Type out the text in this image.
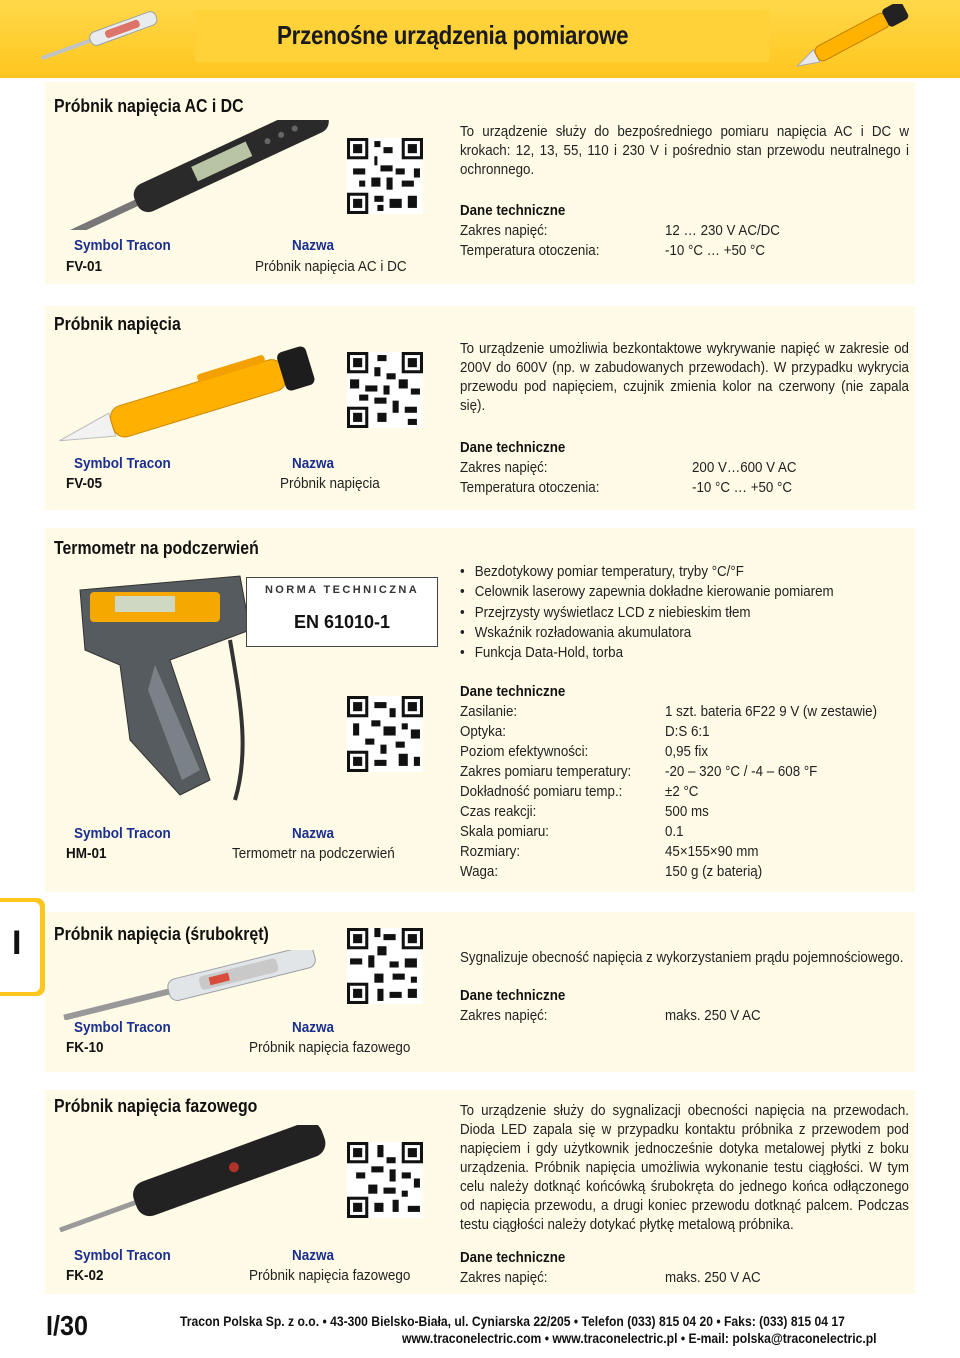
Przenośne urządzenia pomiarowe
Próbnik napięcia AC i DC
To urządzenie służy do bezpośredniego pomiaru napięcia AC i DC w krokach: 12, 13, 55, 110 i 230 V i pośrednio stan przewodu neutralnego i ochronnego.
Dane techniczne
Zakres napięć:	12 … 230 V AC/DC
Temperatura otoczenia:	-10 °C … +50 °C
Symbol Tracon	Nazwa
FV-01	Próbnik napięcia AC i DC
Próbnik napięcia
To urządzenie umożliwia bezkontaktowe wykrywanie napięć w zakresie od 200V do 600V (np. w zabudowanych przewodach). W przypadku wykrycia przewodu pod napięciem, czujnik zmienia kolor na czerwony (nie zapala się).
Dane techniczne
Zakres napięć:	200 V…600 V AC
Temperatura otoczenia:	-10 °C … +50 °C
Symbol Tracon	Nazwa
FV-05	Próbnik napięcia
Termometr na podczerwień
NORMA TECHNICZNA
EN 61010-1
• Bezdotykowy pomiar temperatury, tryby °C/°F
• Celownik laserowy zapewnia dokładne kierowanie pomiarem
• Przejrzysty wyświetlacz LCD z niebieskim tłem
• Wskaźnik rozładowania akumulatora
• Funkcja Data-Hold, torba
Dane techniczne
Zasilanie:	1 szt. bateria 6F22 9 V (w zestawie)
Optyka:	D:S 6:1
Poziom efektywności:	0,95 fix
Zakres pomiaru temperatury: -20 – 320 °C / -4 – 608 °F
Dokładność pomiaru temp.:	±2 °C
Czas reakcji:	500 ms
Skala pomiaru:	0.1
Rozmiary:	45×155×90 mm
Waga:	150 g (z baterią)
Symbol Tracon	Nazwa
HM-01	Termometr na podczerwień
I Próbnik napięcia (śrubokręt)
Sygnalizuje obecność napięcia z wykorzystaniem prądu pojemnościowego.
Dane techniczne
Zakres napięć:	maks. 250 V AC
Symbol Tracon	Nazwa
FK-10	Próbnik napięcia fazowego
Próbnik napięcia fazowego	To urządzenie służy do sygnalizacji obecności napięcia na przewodach. Dioda LED zapala się w przypadku kontaktu próbnika z przewodem pod napięciem i gdy użytkownik jednocześnie dotyka metalowej płytki z boku urządzenia. Próbnik napięcia umożliwia wykonanie testu ciągłości. W tym celu należy dotknąć końcówką śrubokręta do jednego końca odłączonego od napięcia przewodu, a drugi koniec przewodu dotknąć palcem. Podczas testu ciągłości należy dotykać płytkę metalową próbnika.
Dane techniczne
Zakres napięć:	maks. 250 V AC
Symbol Tracon	Nazwa
FK-02	Próbnik napięcia fazowego
I/30	Tracon Polska Sp. z o.o. • 43-300 Bielsko-Biała, ul. Cyniarska 22/205 • Telefon (033) 815 04 20 • Faks: (033) 815 04 17
www.traconelectric.com • www.traconelectric.pl • E-mail: polska@traconelectric.pl
